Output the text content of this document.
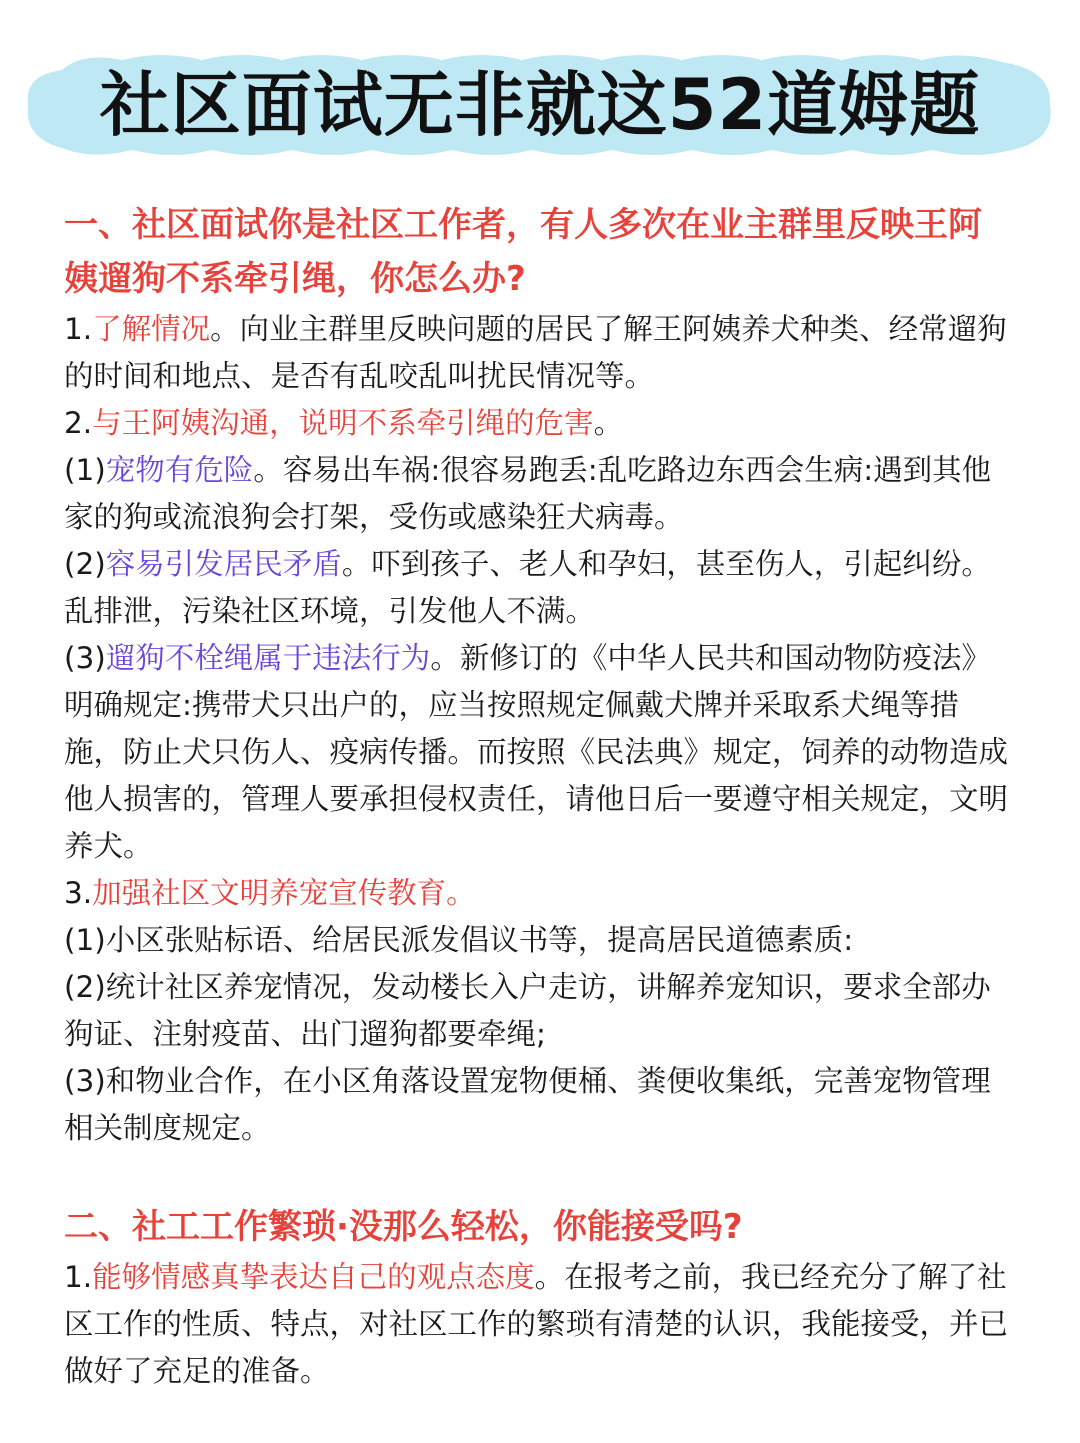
社区面试无非就这52道姆题

一、社区面试你是社区工作者，有人多次在业主群里反映王阿姨遛狗不系牵引绳，你怎么办?

1.了解情况。向业主群里反映问题的居民了解王阿姨养犬种类、经常遛狗的时间和地点、是否有乱咬乱叫扰民情况等。

2.与王阿姨沟通，说明不系牵引绳的危害。

(1)宠物有危险。容易出车祸:很容易跑丢:乱吃路边东西会生病:遇到其他家的狗或流浪狗会打架，受伤或感染狂犬病毒。

(2)容易引发居民矛盾。吓到孩子、老人和孕妇，甚至伤人，引起纠纷。乱排泄，污染社区环境，引发他人不满。

(3)遛狗不栓绳属于违法行为。新修订的《中华人民共和国动物防疫法》明确规定:携带犬只出户的，应当按照规定佩戴犬牌并采取系犬绳等措施，防止犬只伤人、疫病传播。而按照《民法典》规定，饲养的动物造成他人损害的，管理人要承担侵权责任，请他日后一要遵守相关规定，文明养犬。

3.加强社区文明养宠宣传教育。

(1)小区张贴标语、给居民派发倡议书等，提高居民道德素质:

(2)统计社区养宠情况，发动楼长入户走访，讲解养宠知识，要求全部办狗证、注射疫苗、出门遛狗都要牵绳;

(3)和物业合作，在小区角落设置宠物便桶、粪便收集纸，完善宠物管理相关制度规定。

二、社工工作繁琐·没那么轻松，你能接受吗?

1.能够情感真挚表达自己的观点态度。在报考之前，我已经充分了解了社区工作的性质、特点，对社区工作的繁琐有清楚的认识，我能接受，并已做好了充足的准备。
